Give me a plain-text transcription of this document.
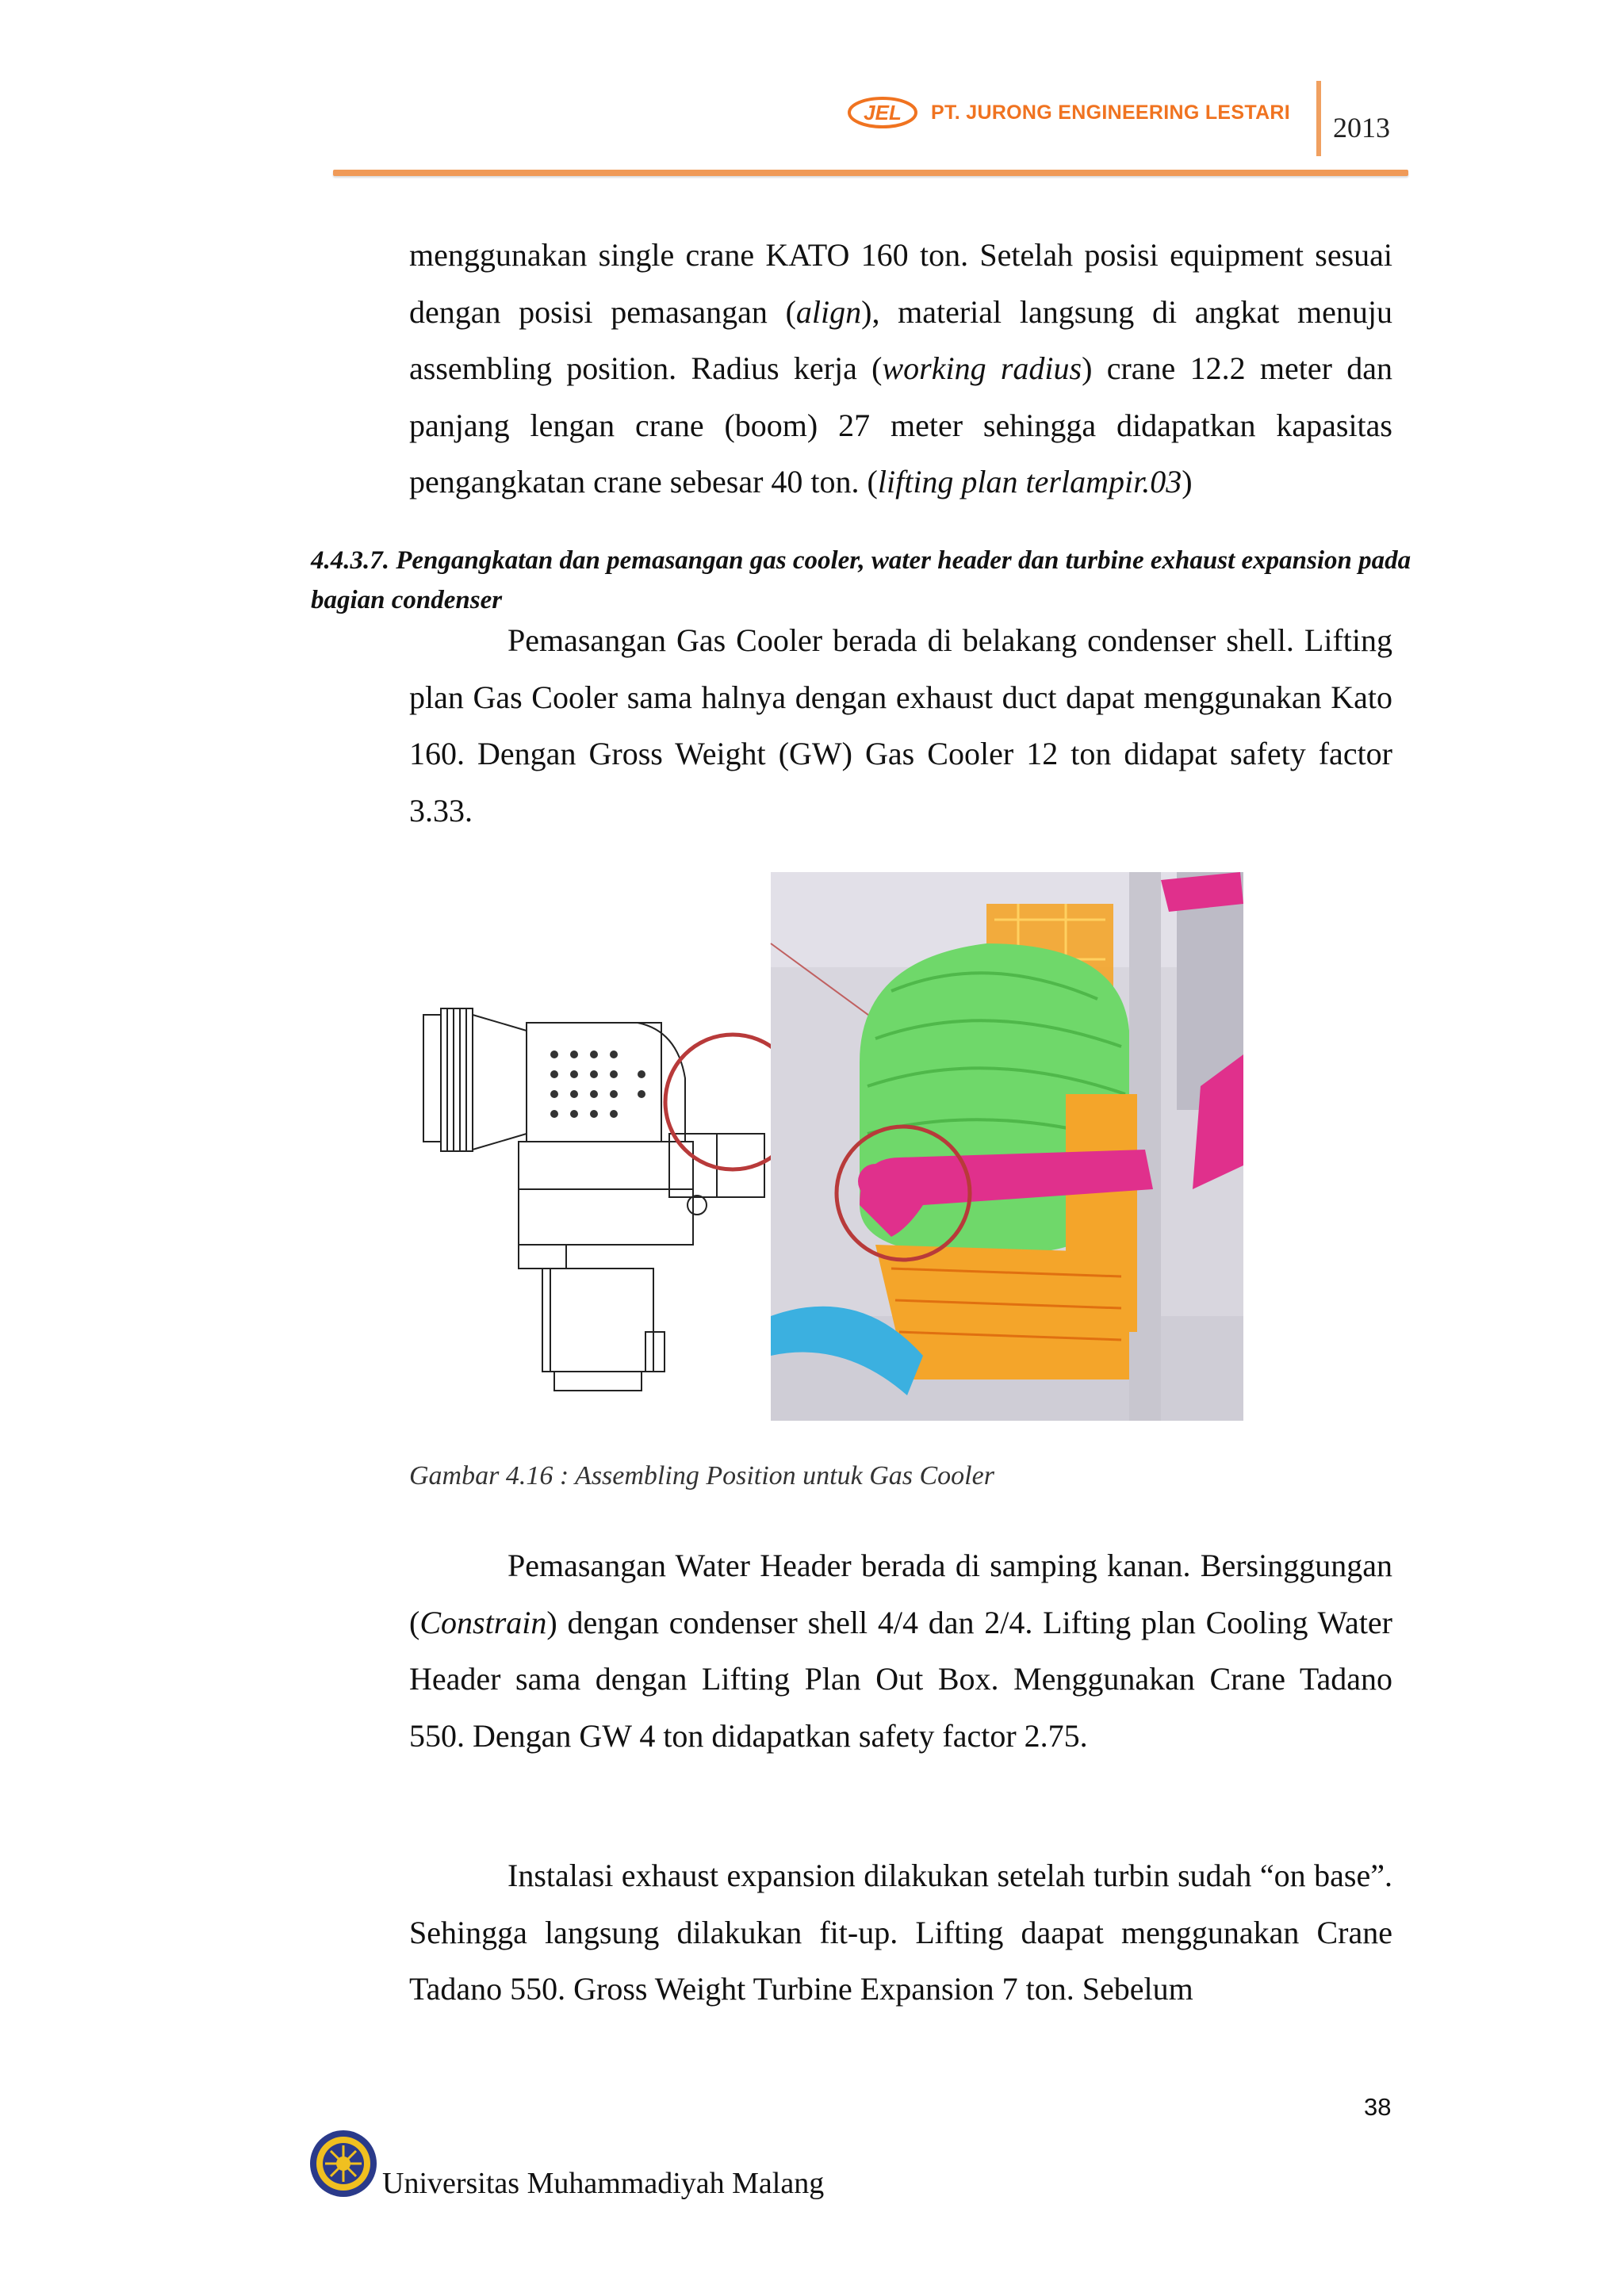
JEL PT. JURONG ENGINEERING LESTARI 2013

menggunakan single crane KATO 160 ton. Setelah posisi equipment sesuai dengan posisi pemasangan (align), material langsung di angkat menuju assembling position. Radius kerja (working radius) crane 12.2 meter dan panjang lengan crane (boom) 27 meter sehingga didapatkan kapasitas pengangkatan crane sebesar 40 ton. (lifting plan terlampir.03)

4.4.3.7. Pengangkatan dan pemasangan gas cooler, water header dan turbine exhaust expansion pada bagian condenser

Pemasangan Gas Cooler berada di belakang condenser shell. Lifting plan Gas Cooler sama halnya dengan exhaust duct dapat menggunakan Kato 160. Dengan Gross Weight (GW) Gas Cooler 12 ton didapat safety factor 3.33.

Gambar 4.16 : Assembling Position untuk Gas Cooler

Pemasangan Water Header berada di samping kanan. Bersinggungan (Constrain) dengan condenser shell 4/4 dan 2/4. Lifting plan Cooling Water Header sama dengan Lifting Plan Out Box. Menggunakan Crane Tadano 550. Dengan GW 4 ton didapatkan safety factor 2.75.

Instalasi exhaust expansion dilakukan setelah turbin sudah “on base”. Sehingga langsung dilakukan fit-up. Lifting daapat menggunakan Crane Tadano 550. Gross Weight Turbine Expansion 7 ton. Sebelum

38
Universitas Muhammadiyah Malang
